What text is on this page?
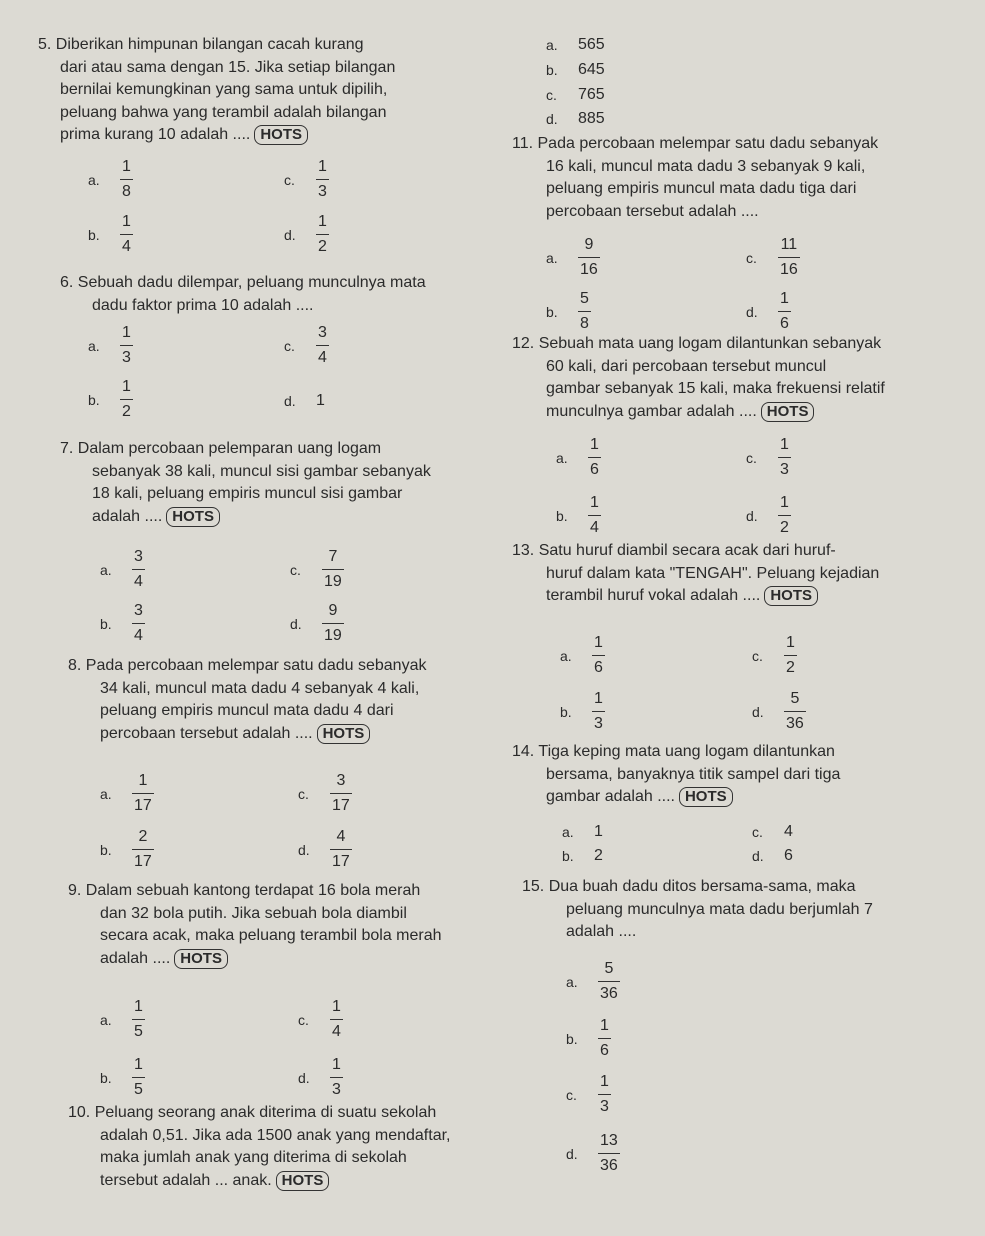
5. Diberikan himpunan bilangan cacah kurang
dari atau sama dengan 15. Jika setiap bilangan
bernilai kemungkinan yang sama untuk dipilih,
peluang bahwa yang terambil adalah bilangan
prima kurang 10 adalah .... HOTS
a.	$\frac{1}{8}$	c.	$\frac{1}{3}$
b.	$\frac{1}{4}$	d.	$\frac{1}{2}$
6. Sebuah dadu dilempar, peluang munculnya mata
dadu faktor prima 10 adalah ....
a.	$\frac{1}{3}$	c.	$\frac{3}{4}$
b.	$\frac{1}{2}$	d.	1
7. Dalam percobaan pelemparan uang logam
sebanyak 38 kali, muncul sisi gambar sebanyak
18 kali, peluang empiris muncul sisi gambar
adalah .... HOTS
a.	$\frac{3}{4}$	c.	$\frac{7}{19}$
b.	$\frac{3}{4}$	d.	$\frac{9}{19}$
8. Pada percobaan melempar satu dadu sebanyak
34 kali, muncul mata dadu 4 sebanyak 4 kali,
peluang empiris muncul mata dadu 4 dari
percobaan tersebut adalah .... HOTS
a.	$\frac{1}{17}$	c.	$\frac{3}{17}$
b.	$\frac{2}{17}$	d.	$\frac{4}{17}$
9. Dalam sebuah kantong terdapat 16 bola merah
dan 32 bola putih. Jika sebuah bola diambil
secara acak, maka peluang terambil bola merah
adalah .... HOTS
a.	$\frac{1}{5}$	c.	$\frac{1}{4}$
b.	$\frac{1}{5}$	d.	$\frac{1}{3}$
10. Peluang seorang anak diterima di suatu sekolah
adalah 0,51. Jika ada 1500 anak yang mendaftar,
maka jumlah anak yang diterima di sekolah
tersebut adalah ... anak. HOTS
a.	565
b.	645
c.	765
d.	885
11. Pada percobaan melempar satu dadu sebanyak
16 kali, muncul mata dadu 3 sebanyak 9 kali,
peluang empiris muncul mata dadu tiga dari
percobaan tersebut adalah ....
a.	$\frac{9}{16}$	c.	$\frac{11}{16}$
b.	$\frac{5}{8}$	d.	$\frac{1}{6}$
12. Sebuah mata uang logam dilantunkan sebanyak
60 kali, dari percobaan tersebut muncul
gambar sebanyak 15 kali, maka frekuensi relatif
munculnya gambar adalah .... HOTS
a.	$\frac{1}{6}$	c.	$\frac{1}{3}$
b.	$\frac{1}{4}$	d.	$\frac{1}{2}$
13. Satu huruf diambil secara acak dari huruf-
huruf dalam kata "TENGAH". Peluang kejadian
terambil huruf vokal adalah .... HOTS
a.	$\frac{1}{6}$	c.	$\frac{1}{2}$
b.	$\frac{1}{3}$	d.	$\frac{5}{36}$
14. Tiga keping mata uang logam dilantunkan
bersama, banyaknya titik sampel dari tiga
gambar adalah .... HOTS
a.	1	c.	4
b.	2	d.	6
15. Dua buah dadu ditos bersama-sama, maka
peluang munculnya mata dadu berjumlah 7
adalah ....
a.	$\frac{5}{36}$
b.	$\frac{1}{6}$
c.	$\frac{1}{3}$
d.	$\frac{13}{36}$
